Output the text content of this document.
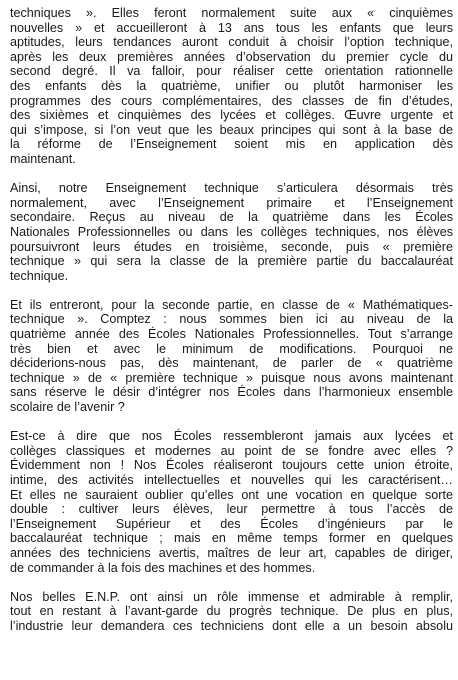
techniques ». Elles feront normalement suite aux « cinquièmes
nouvelles » et accueilleront à 13 ans tous les enfants que leurs
aptitudes, leurs tendances auront conduit à choisir l’option technique,
après les deux premières années d’observation du premier cycle du
second degré. Il va falloir, pour réaliser cette orientation rationnelle
des enfants dès la quatrième, unifier ou plutôt harmoniser les
programmes des cours complémentaires, des classes de fin d’études,
des sixièmes et cinquièmes des lycées et collèges. Œuvre urgente et
qui s’impose, si l’on veut que les beaux principes qui sont à la base de
la réforme de l’Enseignement soient mis en application dès
maintenant.

Ainsi, notre Enseignement technique s’articulera désormais très
normalement, avec l’Enseignement primaire et l’Enseignement
secondaire. Reçus au niveau de la quatrième dans les Écoles
Nationales Professionnelles ou dans les collèges techniques, nos élèves
poursuivront leurs études en troisième, seconde, puis « première
technique » qui sera la classe de la première partie du baccalauréat
technique.

Et ils entreront, pour la seconde partie, en classe de « Mathématiques-
technique ». Comptez : nous sommes bien ici au niveau de la
quatrième année des Écoles Nationales Professionnelles. Tout s’arrange
très bien et avec le minimum de modifications. Pourquoi ne
déciderions-nous pas, dès maintenant, de parler de « quatrième
technique » de « première technique » puisque nous avons maintenant
sans réserve le désir d’intégrer nos Écoles dans l’harmonieux ensemble
scolaire de l’avenir ?

Est-ce à dire que nos Écoles ressembleront jamais aux lycées et
collèges classiques et modernes au point de se fondre avec elles ?
Évidemment non ! Nos Écoles réaliseront toujours cette union étroite,
intime, des activités intellectuelles et nouvelles qui les caractérisent…
Et elles ne sauraient oublier qu’elles ont une vocation en quelque sorte
double : cultiver leurs élèves, leur permettre à tous l’accès de
l’Enseignement Supérieur et des Écoles d’ingénieurs par le
baccalauréat technique ; mais en même temps former en quelques
années des techniciens avertis, maîtres de leur art, capables de diriger,
de commander à la fois des machines et des hommes.

Nos belles E.N.P. ont ainsi un rôle immense et admirable à remplir,
tout en restant à l’avant-garde du progrès technique. De plus en plus,
l’industrie leur demandera ces techniciens dont elle a un besoin absolu
